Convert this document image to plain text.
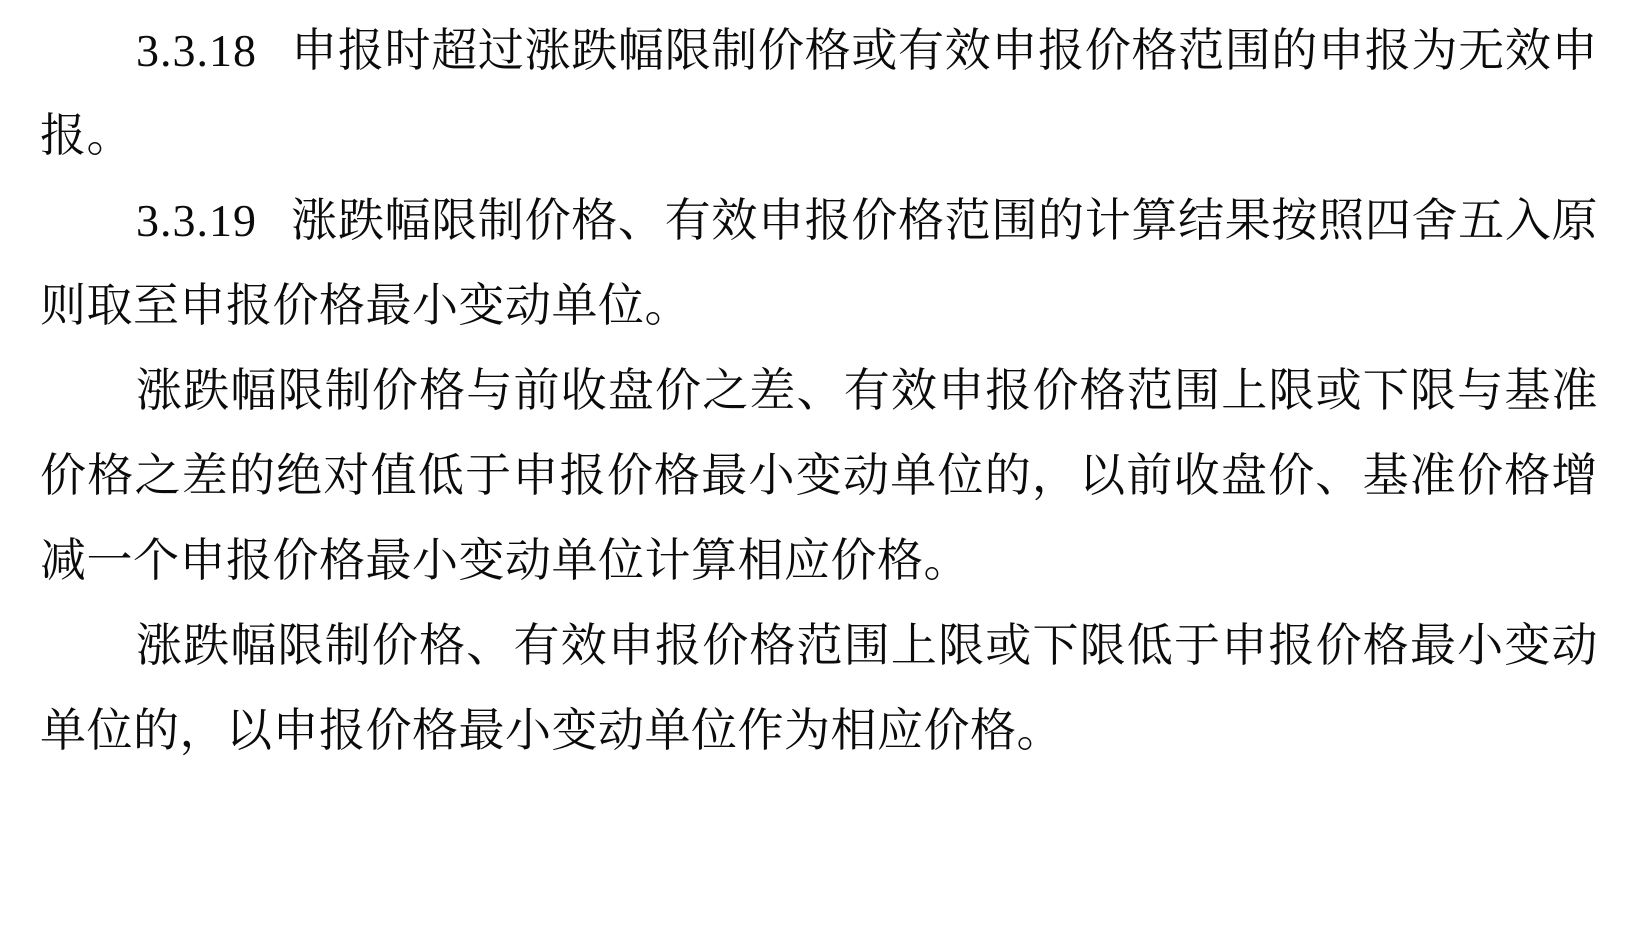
3.3.18 申报时超过涨跌幅限制价格或有效申报价格范围的申报为无效申报。

3.3.19 涨跌幅限制价格、有效申报价格范围的计算结果按照四舍五入原则取至申报价格最小变动单位。

涨跌幅限制价格与前收盘价之差、有效申报价格范围上限或下限与基准价格之差的绝对值低于申报价格最小变动单位的，以前收盘价、基准价格增减一个申报价格最小变动单位计算相应价格。

涨跌幅限制价格、有效申报价格范围上限或下限低于申报价格最小变动单位的，以申报价格最小变动单位作为相应价格。
